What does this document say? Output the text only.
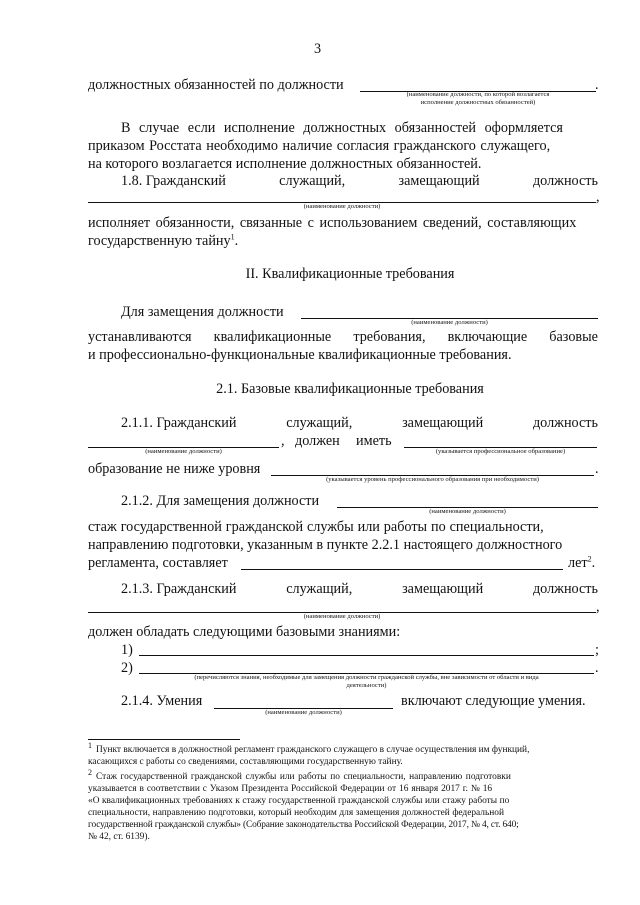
3
должностных обязанностей по должности	.
(наименование должности, по которой возлагается
исполнение должностных обязанностей)
В случае если исполнение должностных обязанностей оформляется
приказом Росстата необходимо наличие согласия гражданского служащего,
на которого возлагается исполнение должностных обязанностей.
1.8. Гражданский	служащий,	замещающий	должность
,
(наименование должности)
исполняет обязанности, связанные с использованием сведений, составляющих
государственную тайну$^1$.
II. Квалификационные требования
Для замещения должности
(наименование должности)
устанавливаются квалификационные требования, включающие базовые
и профессионально-функциональные квалификационные требования.
2.1. Базовые квалификационные требования
2.1.1. Гражданский	служащий,	замещающий	должность
, должен иметь
(наименование должности)	(указывается профессиональное образование)
образование не ниже уровня	.
(указывается уровень профессионального образования при необходимости)
2.1.2. Для замещения должности
(наименование должности)
стаж государственной гражданской службы или работы по специальности,
направлению подготовки, указанным в пункте 2.2.1 настоящего должностного
регламента, составляет	лет$^2$.
2.1.3. Гражданский	служащий,	замещающий	должность
,
(наименование должности)
должен обладать следующими базовыми знаниями:
1)	;
2)	.
(перечисляются знания, необходимые для замещения должности гражданской службы, вне зависимости от области и вида
деятельности)
2.1.4. Умения
(наименование должности)
включают следующие умения.
$^1$ Пункт включается в должностной регламент гражданского служащего в случае осуществления им функций,
касающихся с работы со сведениями, составляющими государственную тайну.
$^2$ Стаж государственной гражданской службы или работы по специальности, направлению подготовки
указывается в соответствии с Указом Президента Российской Федерации от 16 января 2017 г. № 16
«О квалификационных требованиях к стажу государственной гражданской службы или стажу работы по
специальности, направлению подготовки, который необходим для замещения должностей федеральной
государственной гражданской службы» (Собрание законодательства Российской Федерации, 2017, № 4, ст. 640;
№ 42, ст. 6139).
